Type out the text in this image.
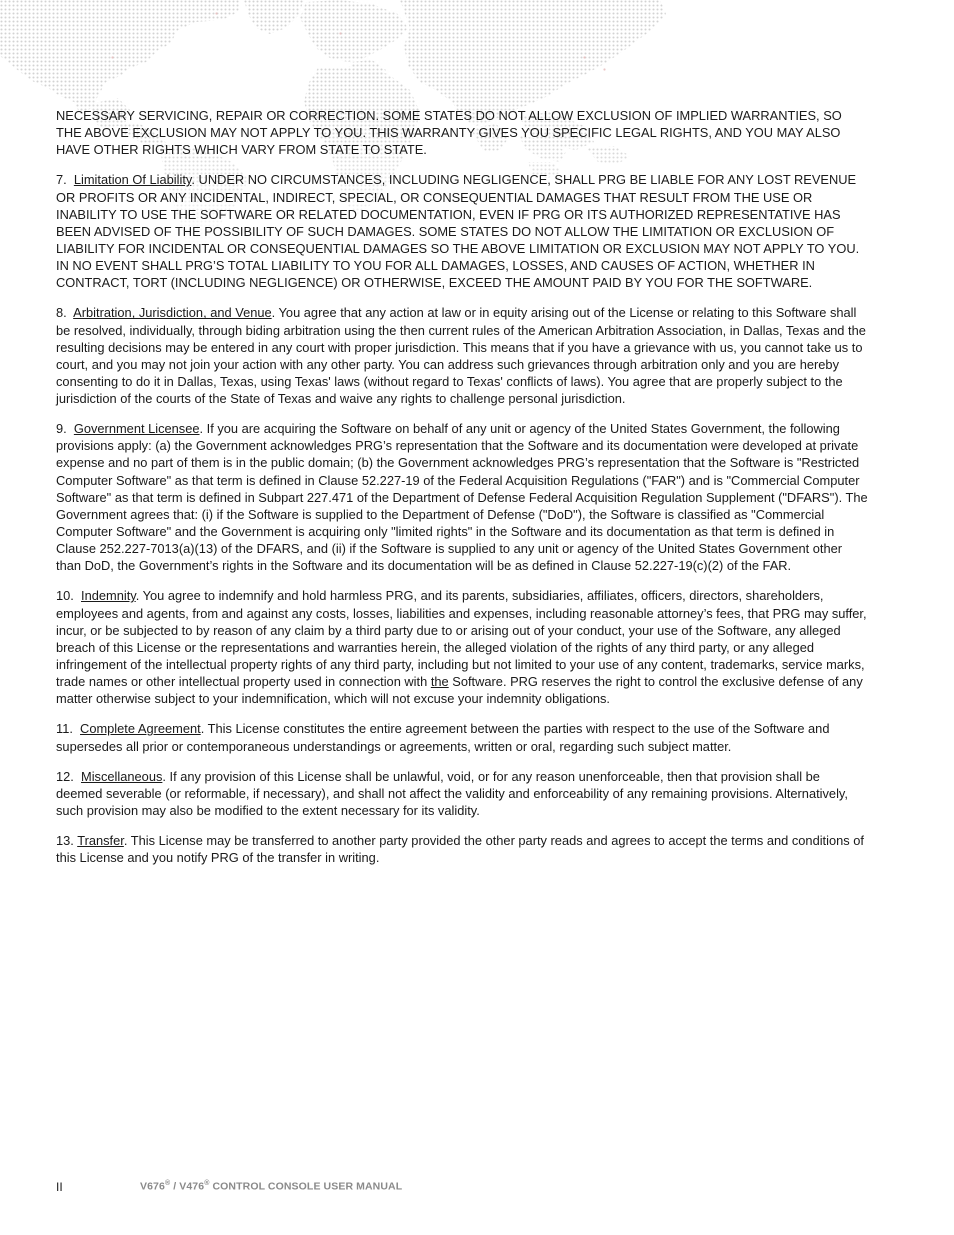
NECESSARY SERVICING, REPAIR OR CORRECTION. SOME STATES DO NOT ALLOW EXCLUSION OF IMPLIED WARRANTIES, SO THE ABOVE EXCLUSION MAY NOT APPLY TO YOU. THIS WARRANTY GIVES YOU SPECIFIC LEGAL RIGHTS, AND YOU MAY ALSO HAVE OTHER RIGHTS WHICH VARY FROM STATE TO STATE.

7. Limitation Of Liability. UNDER NO CIRCUMSTANCES, INCLUDING NEGLIGENCE, SHALL PRG BE LIABLE FOR ANY LOST REVENUE OR PROFITS OR ANY INCIDENTAL, INDIRECT, SPECIAL, OR CONSEQUENTIAL DAMAGES THAT RESULT FROM THE USE OR INABILITY TO USE THE SOFTWARE OR RELATED DOCUMENTATION, EVEN IF PRG OR ITS AUTHORIZED REPRESENTATIVE HAS BEEN ADVISED OF THE POSSIBILITY OF SUCH DAMAGES. SOME STATES DO NOT ALLOW THE LIMITATION OR EXCLUSION OF LIABILITY FOR INCIDENTAL OR CONSEQUENTIAL DAMAGES SO THE ABOVE LIMITATION OR EXCLUSION MAY NOT APPLY TO YOU. IN NO EVENT SHALL PRG’S TOTAL LIABILITY TO YOU FOR ALL DAMAGES, LOSSES, AND CAUSES OF ACTION, WHETHER IN CONTRACT, TORT (INCLUDING NEGLIGENCE) OR OTHERWISE, EXCEED THE AMOUNT PAID BY YOU FOR THE SOFTWARE.

8. Arbitration, Jurisdiction, and Venue. You agree that any action at law or in equity arising out of the License or relating to this Software shall be resolved, individually, through biding arbitration using the then current rules of the American Arbitration Association, in Dallas, Texas and the resulting decisions may be entered in any court with proper jurisdiction. This means that if you have a grievance with us, you cannot take us to court, and you may not join your action with any other party. You can address such grievances through arbitration only and you are hereby consenting to do it in Dallas, Texas, using Texas' laws (without regard to Texas' conflicts of laws). You agree that are properly subject to the jurisdiction of the courts of the State of Texas and waive any rights to challenge personal jurisdiction.

9. Government Licensee. If you are acquiring the Software on behalf of any unit or agency of the United States Government, the following provisions apply: (a) the Government acknowledges PRG’s representation that the Software and its documentation were developed at private expense and no part of them is in the public domain; (b) the Government acknowledges PRG’s representation that the Software is "Restricted Computer Software" as that term is defined in Clause 52.227-19 of the Federal Acquisition Regulations ("FAR") and is "Commercial Computer Software" as that term is defined in Subpart 227.471 of the Department of Defense Federal Acquisition Regulation Supplement ("DFARS"). The Government agrees that: (i) if the Software is supplied to the Department of Defense ("DoD"), the Software is classified as "Commercial Computer Software" and the Government is acquiring only "limited rights" in the Software and its documentation as that term is defined in Clause 252.227-7013(a)(13) of the DFARS, and (ii) if the Software is supplied to any unit or agency of the United States Government other than DoD, the Government’s rights in the Software and its documentation will be as defined in Clause 52.227-19(c)(2) of the FAR.

10. Indemnity. You agree to indemnify and hold harmless PRG, and its parents, subsidiaries, affiliates, officers, directors, shareholders, employees and agents, from and against any costs, losses, liabilities and expenses, including reasonable attorney’s fees, that PRG may suffer, incur, or be subjected to by reason of any claim by a third party due to or arising out of your conduct, your use of the Software, any alleged breach of this License or the representations and warranties herein, the alleged violation of the rights of any third party, or any alleged infringement of the intellectual property rights of any third party, including but not limited to your use of any content, trademarks, service marks, trade names or other intellectual property used in connection with the Software. PRG reserves the right to control the exclusive defense of any matter otherwise subject to your indemnification, which will not excuse your indemnity obligations.

11. Complete Agreement. This License constitutes the entire agreement between the parties with respect to the use of the Software and supersedes all prior or contemporaneous understandings or agreements, written or oral, regarding such subject matter.

12. Miscellaneous. If any provision of this License shall be unlawful, void, or for any reason unenforceable, then that provision shall be deemed severable (or reformable, if necessary), and shall not affect the validity and enforceability of any remaining provisions. Alternatively, such provision may also be modified to the extent necessary for its validity.

13. Transfer. This License may be transferred to another party provided the other party reads and agrees to accept the terms and conditions of this License and you notify PRG of the transfer in writing.

II	V676® / V476® CONTROL CONSOLE USER MANUAL
